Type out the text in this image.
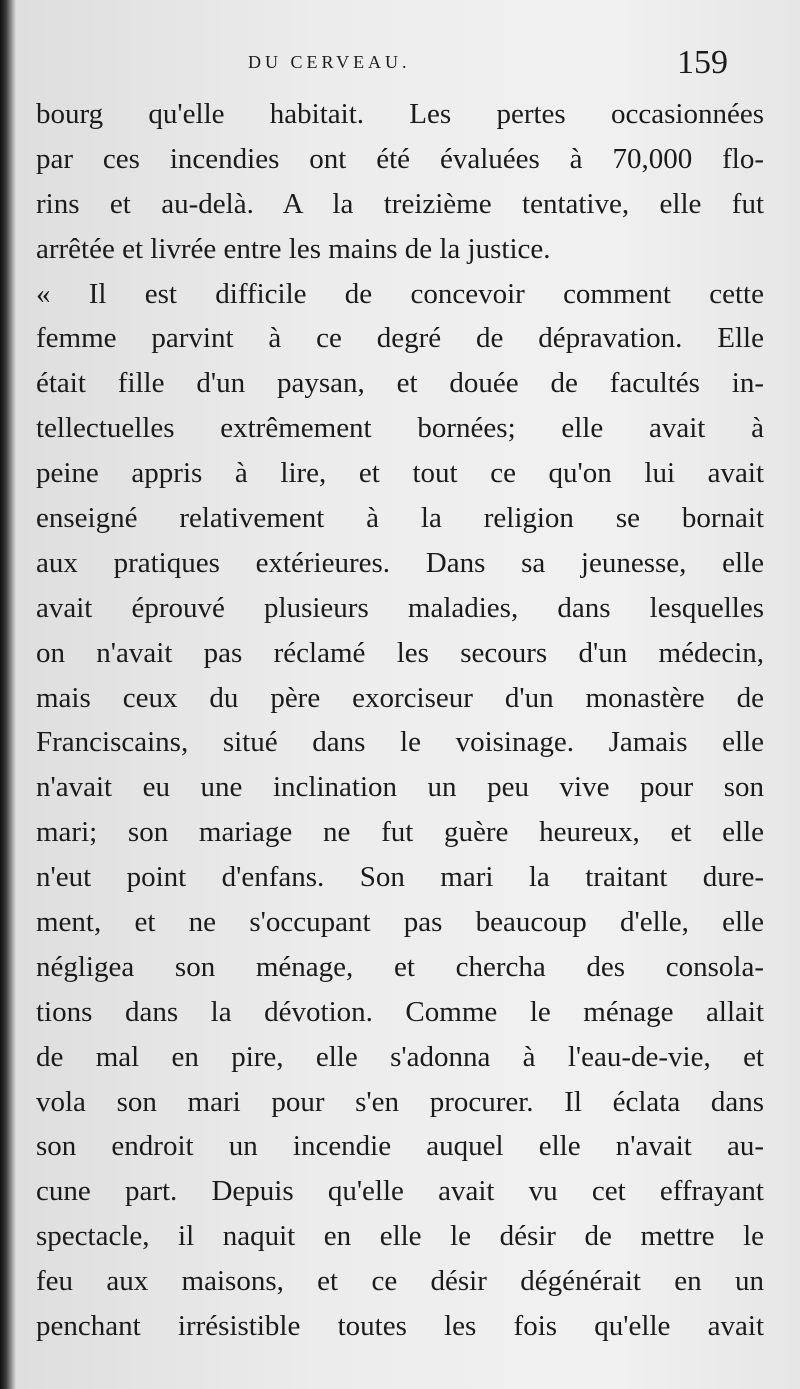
DU CERVEAU.	159
bourg qu'elle habitait. Les pertes occasionnées
par ces incendies ont été évaluées à 70,000 flo-
rins et au-delà. A la treizième tentative, elle fut
arrêtée et livrée entre les mains de la justice.
« Il est difficile de concevoir comment cette
femme parvint à ce degré de dépravation. Elle
était fille d'un paysan, et douée de facultés in-
tellectuelles extrêmement bornées; elle avait à
peine appris à lire, et tout ce qu'on lui avait
enseigné relativement à la religion se bornait
aux pratiques extérieures. Dans sa jeunesse, elle
avait éprouvé plusieurs maladies, dans lesquelles
on n'avait pas réclamé les secours d'un médecin,
mais ceux du père exorciseur d'un monastère de
Franciscains, situé dans le voisinage. Jamais elle
n'avait eu une inclination un peu vive pour son
mari; son mariage ne fut guère heureux, et elle
n'eut point d'enfans. Son mari la traitant dure-
ment, et ne s'occupant pas beaucoup d'elle, elle
négligea son ménage, et chercha des consola-
tions dans la dévotion. Comme le ménage allait
de mal en pire, elle s'adonna à l'eau-de-vie, et
vola son mari pour s'en procurer. Il éclata dans
son endroit un incendie auquel elle n'avait au-
cune part. Depuis qu'elle avait vu cet effrayant
spectacle, il naquit en elle le désir de mettre le
feu aux maisons, et ce désir dégénérait en un
penchant irrésistible toutes les fois qu'elle avait
